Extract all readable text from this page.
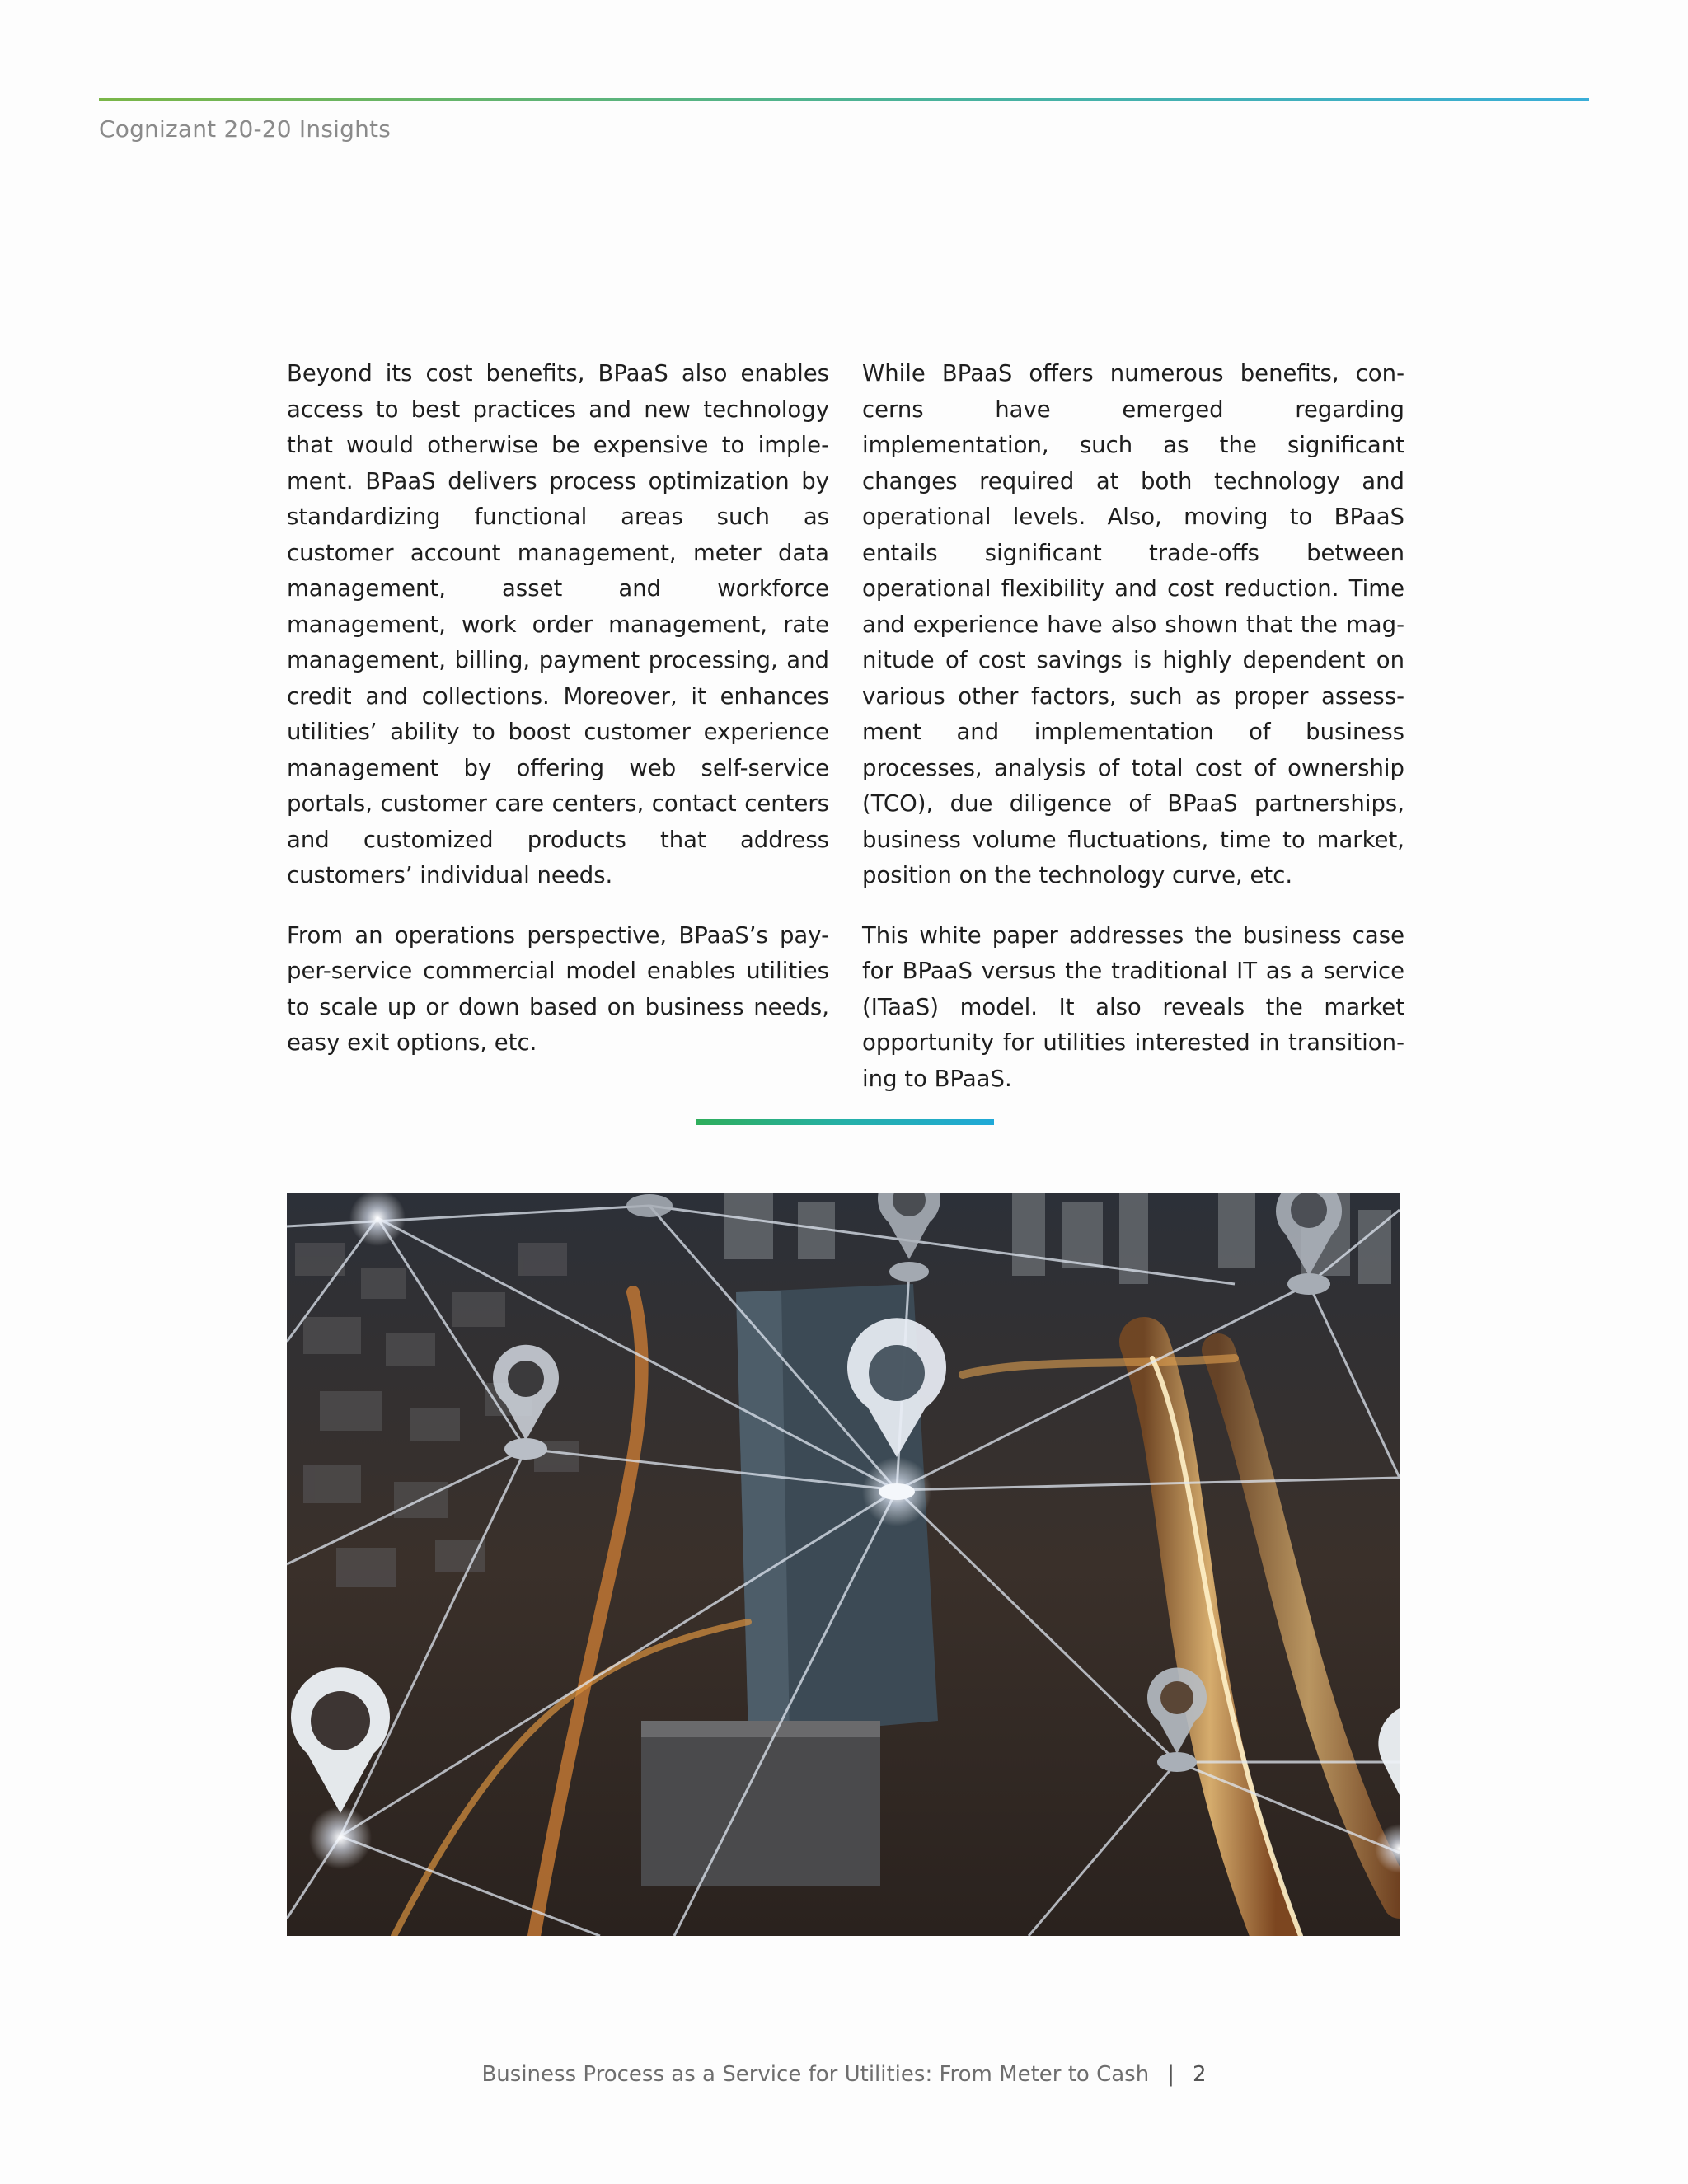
Cognizant 20-20 Insights

Beyond its cost benefits, BPaaS also enables access to best practices and new technology that would otherwise be expensive to implement. BPaaS delivers process optimization by standardizing functional areas such as customer account management, meter data management, asset and workforce management, work order management, rate management, billing, payment processing, and credit and collections. Moreover, it enhances utilities’ ability to boost customer experience management by offering web self-service portals, customer care centers, contact centers and customized products that address customers’ individual needs.

From an operations perspective, BPaaS’s pay-per-service commercial model enables utilities to scale up or down based on business needs, easy exit options, etc.

While BPaaS offers numerous benefits, concerns have emerged regarding implementation, such as the significant changes required at both technology and operational levels. Also, moving to BPaaS entails significant trade-offs between operational flexibility and cost reduction. Time and experience have also shown that the magnitude of cost savings is highly dependent on various other factors, such as proper assessment and implementation of business processes, analysis of total cost of ownership (TCO), due diligence of BPaaS partnerships, business volume fluctuations, time to market, position on the technology curve, etc.

This white paper addresses the business case for BPaaS versus the traditional IT as a service (ITaaS) model. It also reveals the market opportunity for utilities interested in transitioning to BPaaS.

Business Process as a Service for Utilities: From Meter to Cash | 2
